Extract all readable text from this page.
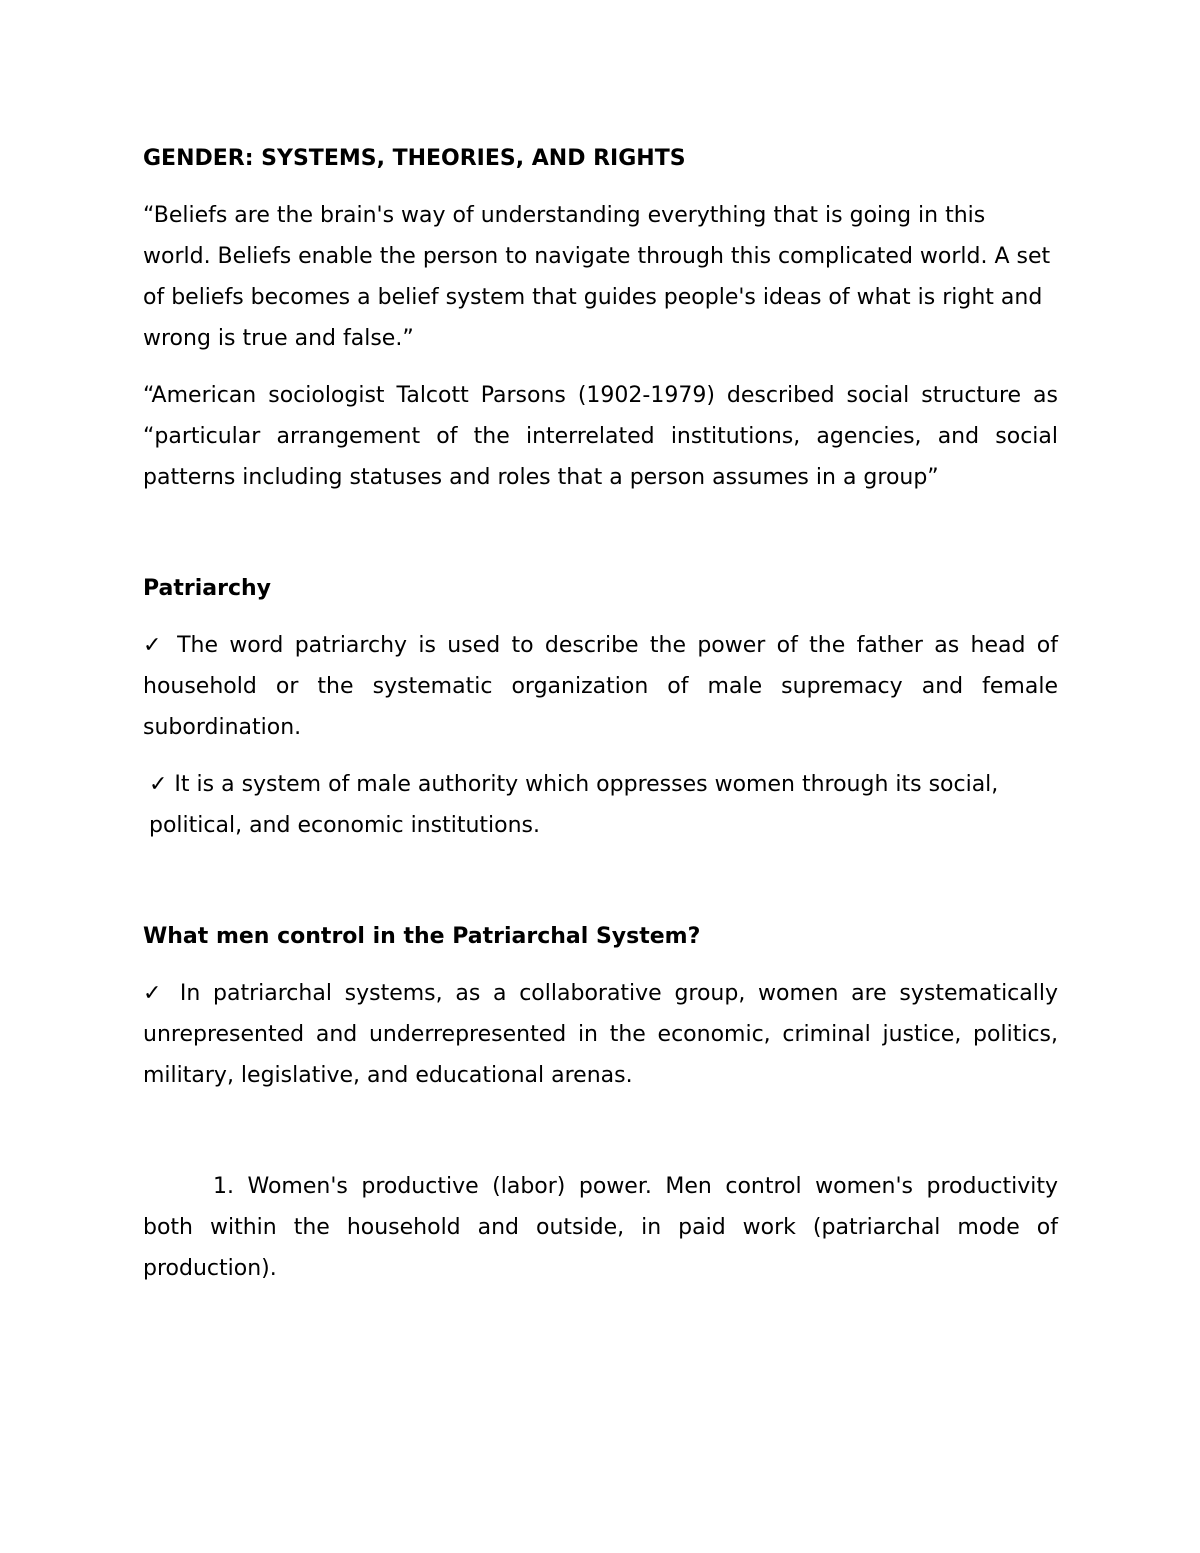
GENDER: SYSTEMS, THEORIES, AND RIGHTS

“Beliefs are the brain's way of understanding everything that is going in this world. Beliefs enable the person to navigate through this complicated world. A set of beliefs becomes a belief system that guides people's ideas of what is right and wrong is true and false.”

“American sociologist Talcott Parsons (1902-1979) described social structure as “particular arrangement of the interrelated institutions, agencies, and social patterns including statuses and roles that a person assumes in a group”

Patriarchy

✓ The word patriarchy is used to describe the power of the father as head of household or the systematic organization of male supremacy and female subordination.

✓ It is a system of male authority which oppresses women through its social, political, and economic institutions.

What men control in the Patriarchal System?

✓ In patriarchal systems, as a collaborative group, women are systematically unrepresented and underrepresented in the economic, criminal justice, politics, military, legislative, and educational arenas.

1. Women's productive (labor) power. Men control women's productivity both within the household and outside, in paid work (patriarchal mode of production).
